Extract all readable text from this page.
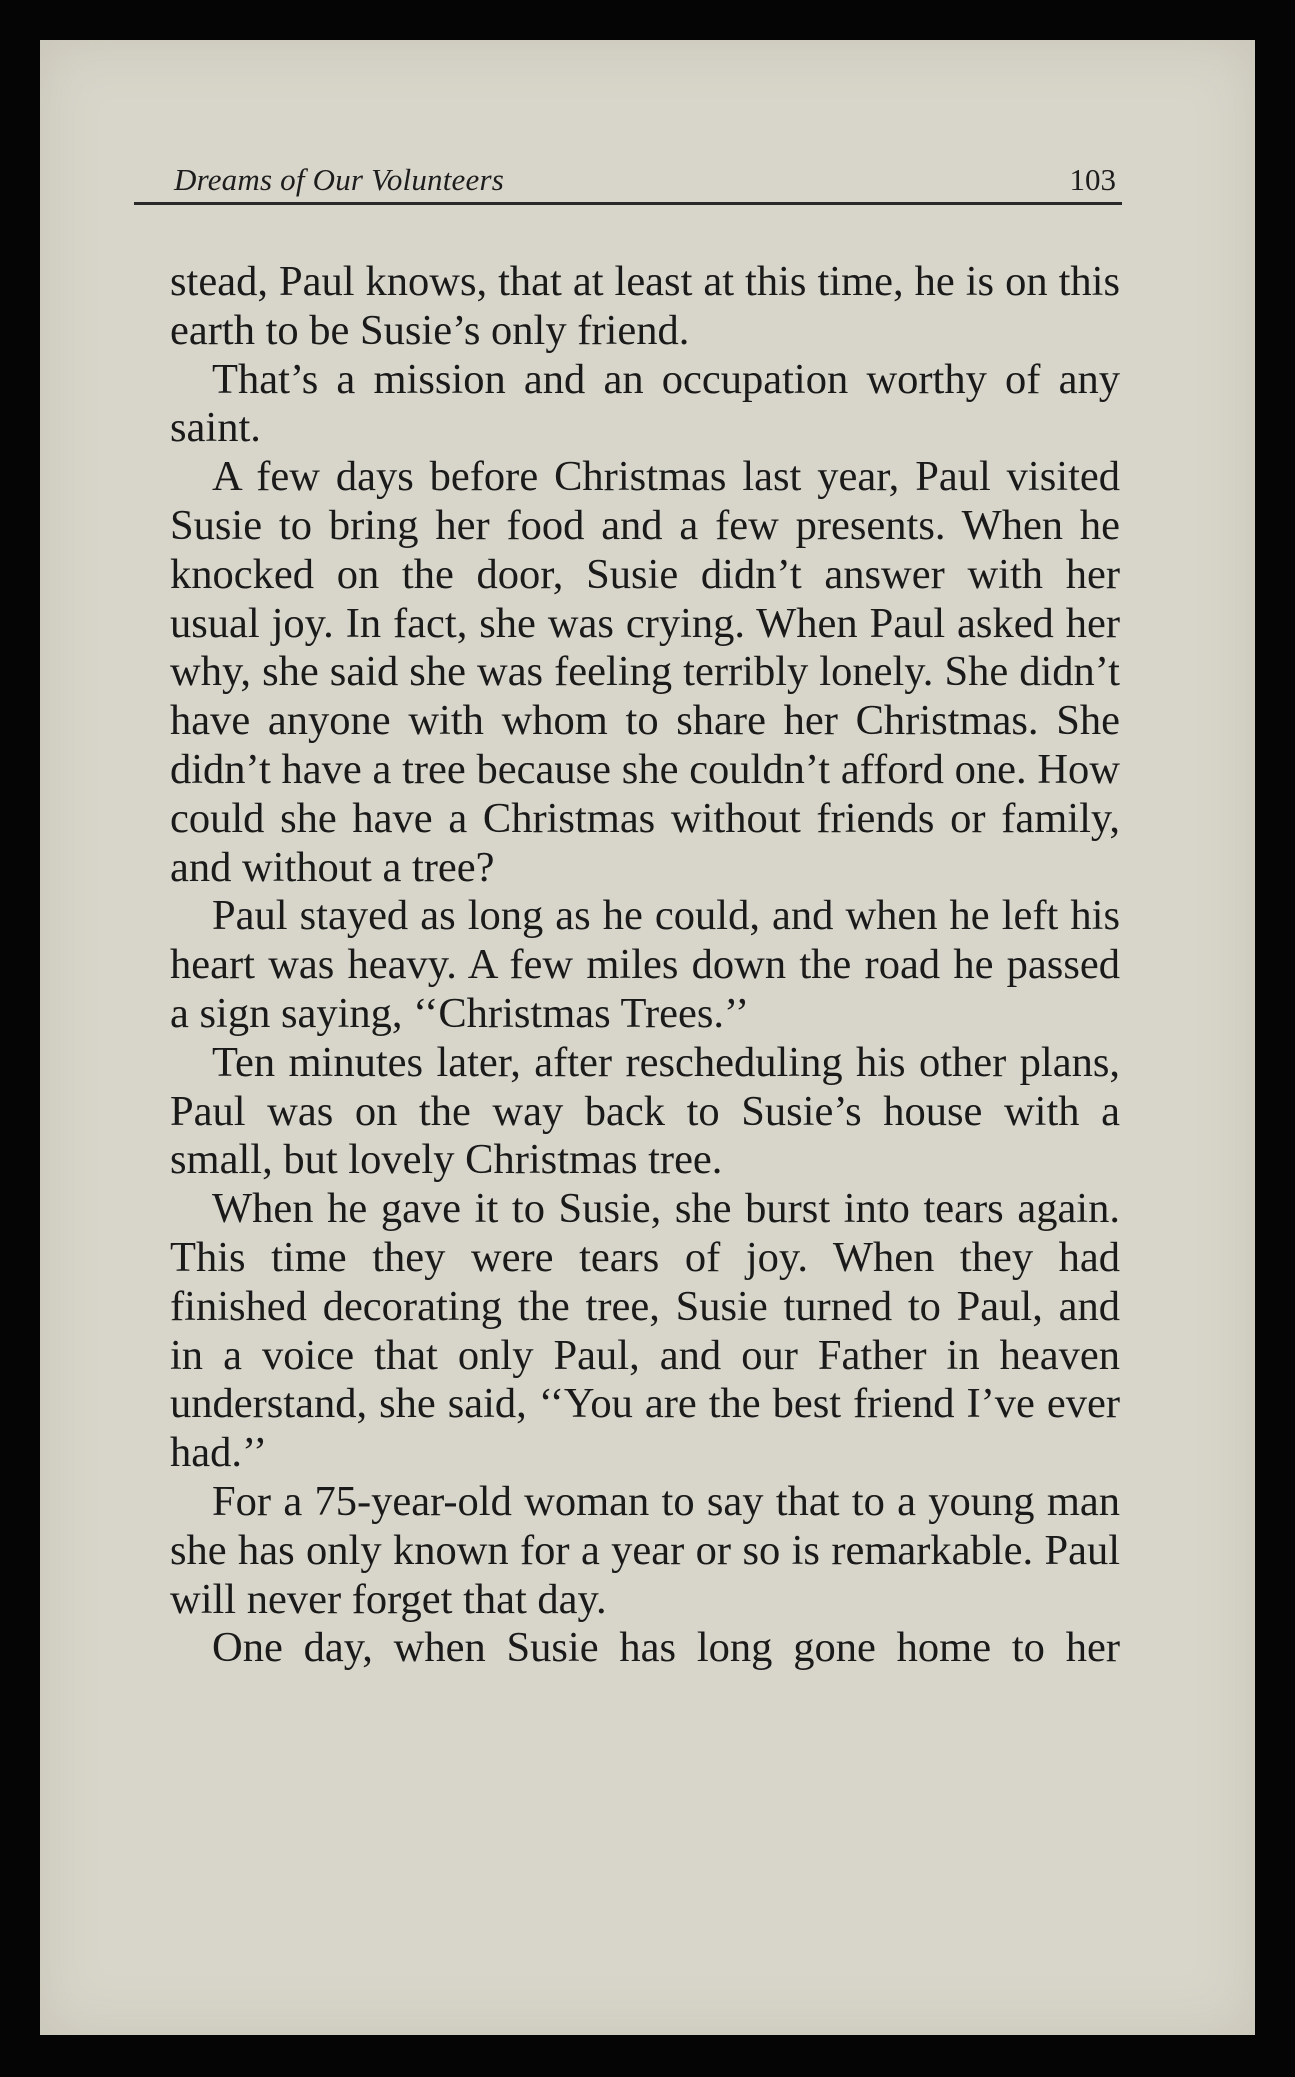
Dreams of Our Volunteers	103

stead, Paul knows, that at least at this time, he is on this earth to be Susie’s only friend.

That’s a mission and an occupation worthy of any saint.

A few days before Christmas last year, Paul visited Susie to bring her food and a few presents. When he knocked on the door, Susie didn’t answer with her usual joy. In fact, she was crying. When Paul asked her why, she said she was feeling terribly lonely. She didn’t have anyone with whom to share her Christmas. She didn’t have a tree because she couldn’t afford one. How could she have a Christmas without friends or family, and without a tree?

Paul stayed as long as he could, and when he left his heart was heavy. A few miles down the road he passed a sign saying, ‘‘Christmas Trees.’’

Ten minutes later, after rescheduling his other plans, Paul was on the way back to Susie’s house with a small, but lovely Christmas tree.

When he gave it to Susie, she burst into tears again. This time they were tears of joy. When they had finished decorating the tree, Susie turned to Paul, and in a voice that only Paul, and our Father in heaven understand, she said, ‘‘You are the best friend I’ve ever had.’’

For a 75-year-old woman to say that to a young man she has only known for a year or so is remarkable. Paul will never forget that day.

One day, when Susie has long gone home to her
